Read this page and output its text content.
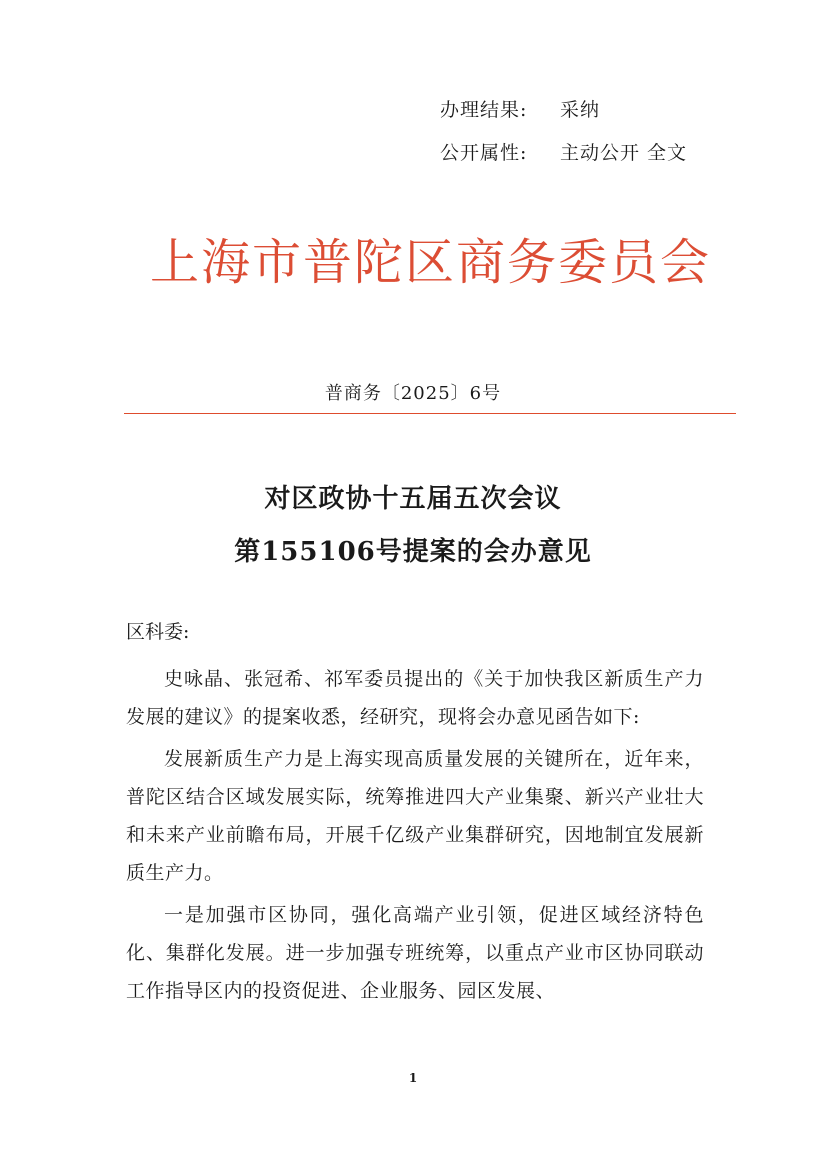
办理结果:	采纳
公开属性:	主动公开 全文
上海市普陀区商务委员会
普商务〔2025〕6号
对区政协十五届五次会议
第155106号提案的会办意见
区科委:

史咏晶、张冠希、祁军委员提出的《关于加快我区新质生产力发展的建议》的提案收悉，经研究，现将会办意见函告如下:

发展新质生产力是上海实现高质量发展的关键所在，近年来，普陀区结合区域发展实际，统筹推进四大产业集聚、新兴产业壮大和未来产业前瞻布局，开展千亿级产业集群研究，因地制宜发展新质生产力。

一是加强市区协同，强化高端产业引领，促进区域经济特色化、集群化发展。进一步加强专班统筹，以重点产业市区协同联动工作指导区内的投资促进、企业服务、园区发展、

1
